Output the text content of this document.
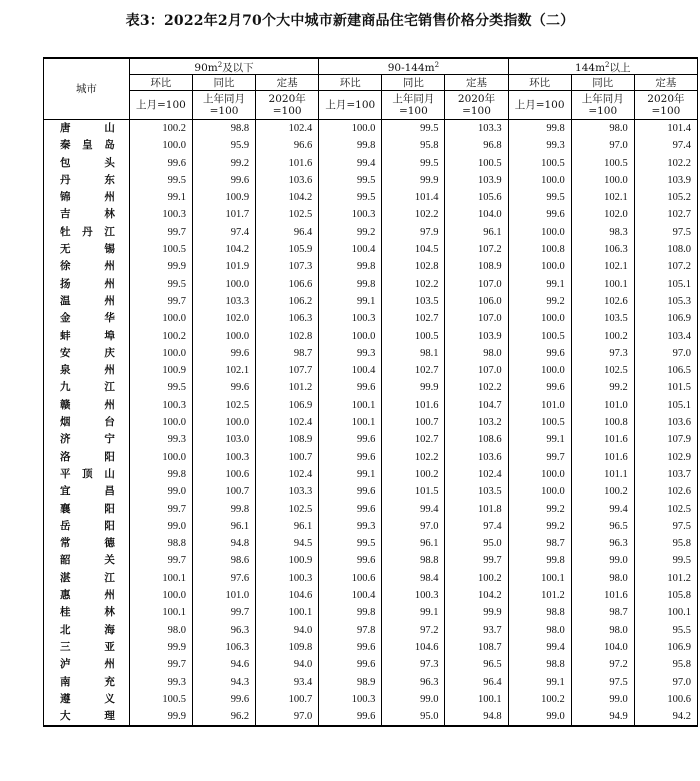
表3：2022年2月70个大中城市新建商品住宅销售价格分类指数（二）
城市	$90m^2$及以下			$90-144m^2$			$144m^2$以上		
	环比	同比	定基	环比	同比	定基	环比	同比	定基
	上月=100	上年同月=100	2020年=100	上月=100	上年同月=100	2020年=100	上月=100	上年同月=100	2020年=100
唐山	100.2	98.8	102.4	100.0	99.5	103.3	99.8	98.0	101.4
秦皇岛	100.0	95.9	96.6	99.8	95.8	96.8	99.3	97.0	97.4
包头	99.6	99.2	101.6	99.4	99.5	100.5	100.5	100.5	102.2
丹东	99.5	99.6	103.6	99.5	99.9	103.9	100.0	100.0	103.9
锦州	99.1	100.9	104.2	99.5	101.4	105.6	99.5	102.1	105.2
吉林	100.3	101.7	102.5	100.3	102.2	104.0	99.6	102.0	102.7
牡丹江	99.7	97.4	96.4	99.2	97.9	96.1	100.0	98.3	97.5
无锡	100.5	104.2	105.9	100.4	104.5	107.2	100.8	106.3	108.0
徐州	99.9	101.9	107.3	99.8	102.8	108.9	100.0	102.1	107.2
扬州	99.5	100.0	106.6	99.8	102.2	107.0	99.1	100.1	105.1
温州	99.7	103.3	106.2	99.1	103.5	106.0	99.2	102.6	105.3
金华	100.0	102.0	106.3	100.3	102.7	107.0	100.0	103.5	106.9
蚌埠	100.2	100.0	102.8	100.0	100.5	103.9	100.5	100.2	103.4
安庆	100.0	99.6	98.7	99.3	98.1	98.0	99.6	97.3	97.0
泉州	100.9	102.1	107.7	100.4	102.7	107.0	100.0	102.5	106.5
九江	99.5	99.6	101.2	99.6	99.9	102.2	99.6	99.2	101.5
赣州	100.3	102.5	106.9	100.1	101.6	104.7	101.0	101.0	105.1
烟台	100.0	100.0	102.4	100.1	100.7	103.2	100.5	100.8	103.6
济宁	99.3	103.0	108.9	99.6	102.7	108.6	99.1	101.6	107.9
洛阳	100.0	100.3	100.7	99.6	102.2	103.6	99.7	101.6	102.9
平顶山	99.8	100.6	102.4	99.1	100.2	102.4	100.0	101.1	103.7
宜昌	99.0	100.7	103.3	99.6	101.5	103.5	100.0	100.2	102.6
襄阳	99.7	99.8	102.5	99.6	99.4	101.8	99.2	99.4	102.5
岳阳	99.0	96.1	96.1	99.3	97.0	97.4	99.2	96.5	97.5
常德	98.8	94.8	94.5	99.5	96.1	95.0	98.7	96.3	95.8
韶关	99.7	98.6	100.9	99.6	98.8	99.7	99.8	99.0	99.5
湛江	100.1	97.6	100.3	100.6	98.4	100.2	100.1	98.0	101.2
惠州	100.0	101.0	104.6	100.4	100.3	104.2	101.2	101.6	105.8
桂林	100.1	99.7	100.1	99.8	99.1	99.9	98.8	98.7	100.1
北海	98.0	96.3	94.0	97.8	97.2	93.7	98.0	98.0	95.5
三亚	99.9	106.3	109.8	99.6	104.6	108.7	99.4	104.0	106.9
泸州	99.7	94.6	94.0	99.6	97.3	96.5	98.8	97.2	95.8
南充	99.3	94.3	93.4	98.9	96.3	96.4	99.1	97.5	97.0
遵义	100.5	99.6	100.7	100.3	99.0	100.1	100.2	99.0	100.6
大理	99.9	96.2	97.0	99.6	95.0	94.8	99.0	94.9	94.2
